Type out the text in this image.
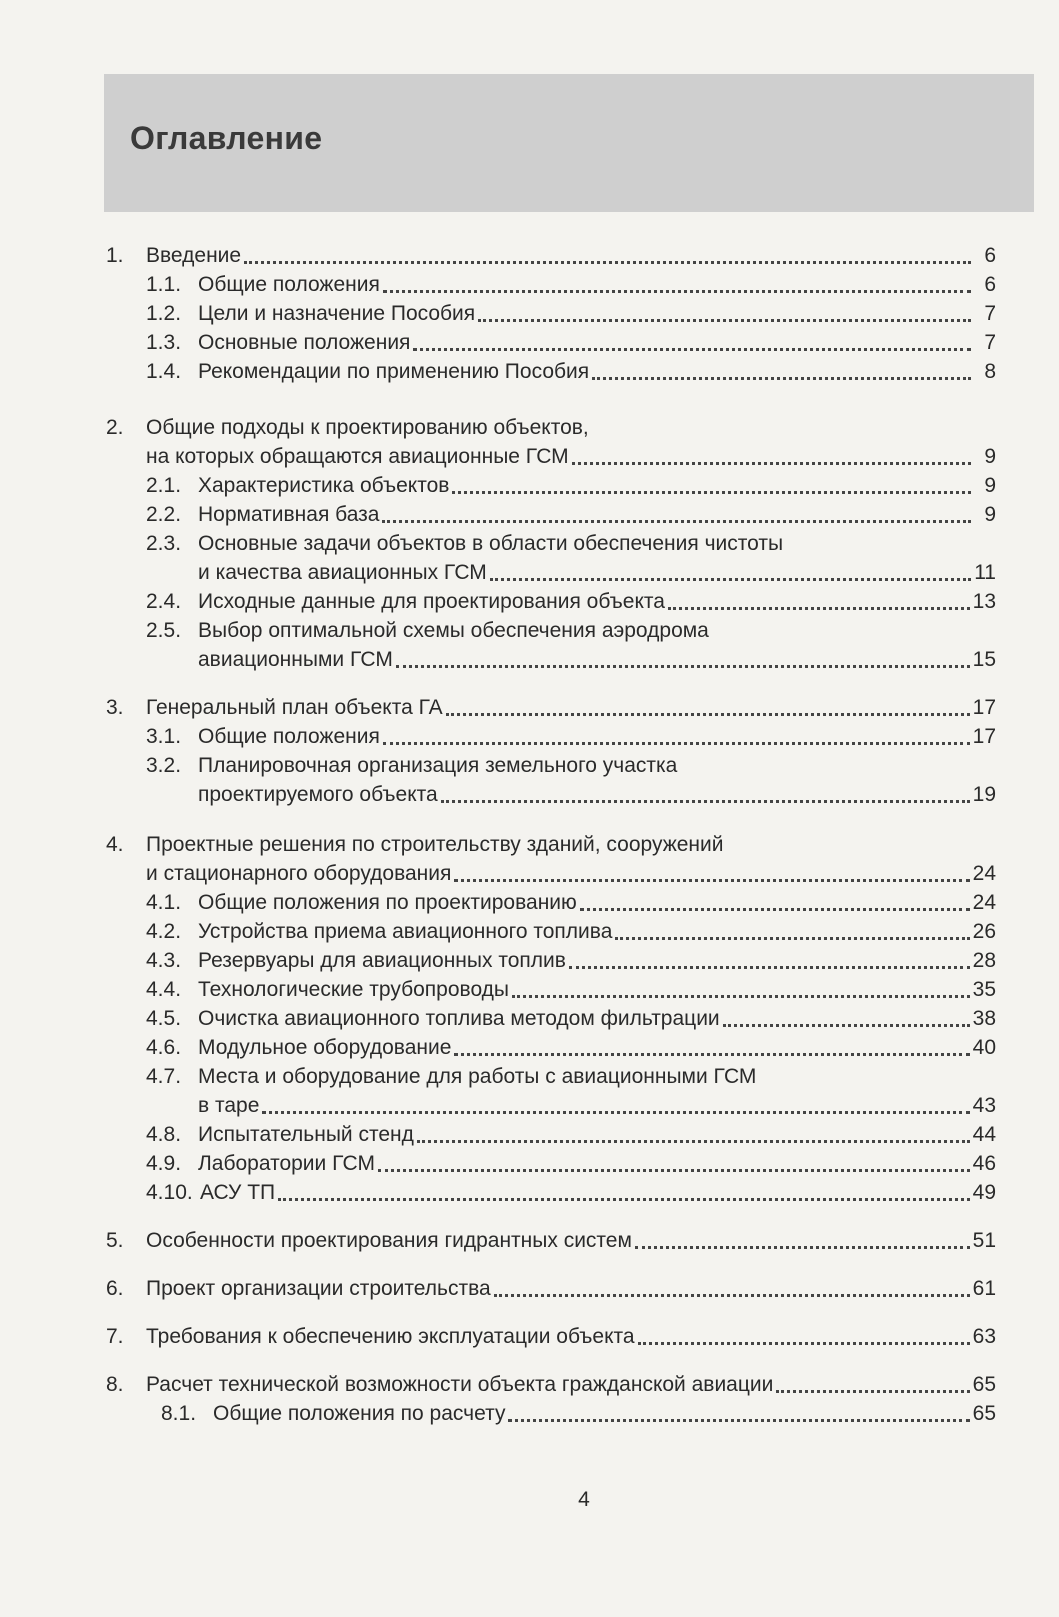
Оглавление
1.	Введение	6
1.1. Общие положения	6
1.2. Цели и назначение Пособия	7
1.3. Основные положения	7
1.4. Рекомендации по применению Пособия	8
2.	Общие подходы к проектированию объектов,
на которых обращаются авиационные ГСМ	9
2.1. Характеристика объектов	9
2.2. Нормативная база	9
2.3. Основные задачи объектов в области обеспечения чистоты
и качества авиационных ГСМ	11
2.4. Исходные данные для проектирования объекта	13
2.5. Выбор оптимальной схемы обеспечения аэродрома
авиационными ГСМ	15
3.	Генеральный план объекта ГА	17
3.1. Общие положения	17
3.2. Планировочная организация земельного участка
проектируемого объекта	19
4.	Проектные решения по строительству зданий, сооружений
и стационарного оборудования	24
4.1. Общие положения по проектированию	24
4.2. Устройства приема авиационного топлива	26
4.3. Резервуары для авиационных топлив	28
4.4. Технологические трубопроводы	35
4.5. Очистка авиационного топлива методом фильтрации	38
4.6. Модульное оборудование	40
4.7. Места и оборудование для работы с авиационными ГСМ
в таре	43
4.8. Испытательный стенд	44
4.9. Лаборатории ГСМ	46
4.10. АСУ ТП	49
5.	Особенности проектирования гидрантных систем	51
6.	Проект организации строительства	61
7.	Требования к обеспечению эксплуатации объекта	63
8.	Расчет технической возможности объекта гражданской авиации	65
8.1. Общие положения по расчету	65
4
